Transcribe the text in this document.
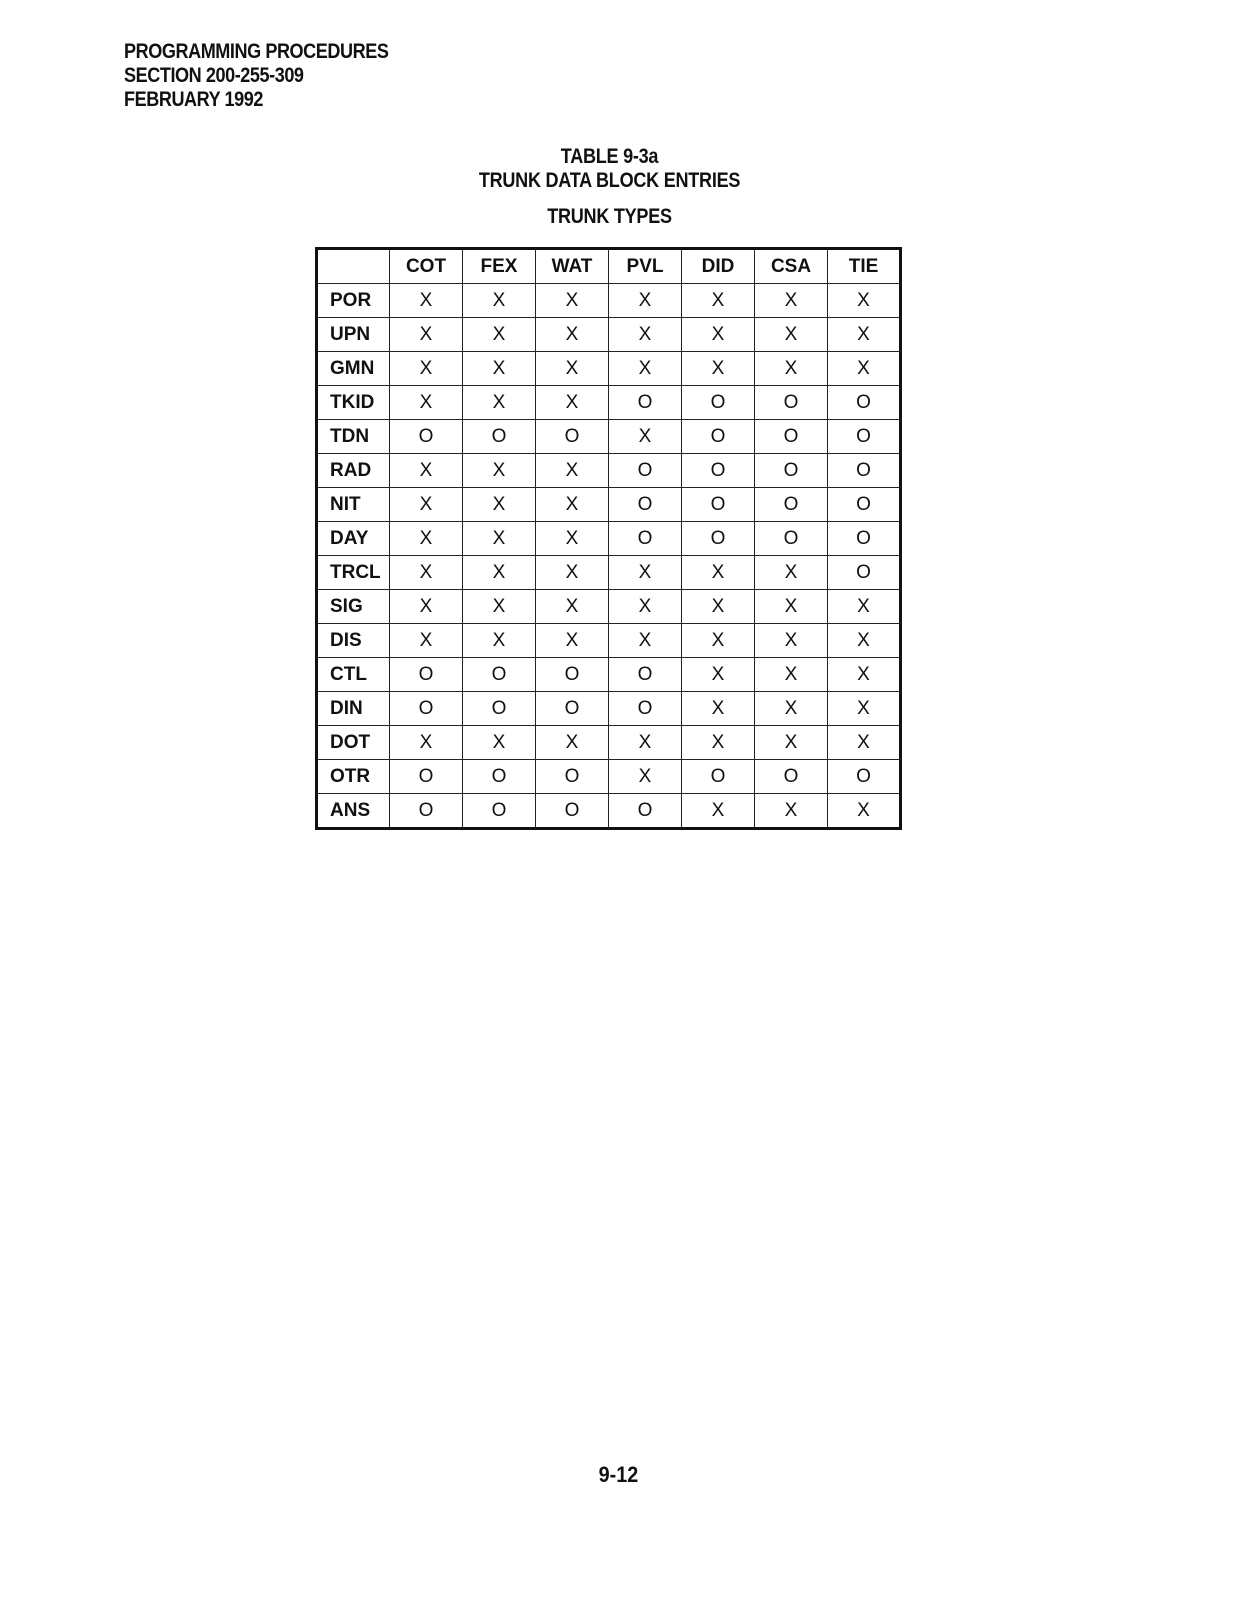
PROGRAMMING PROCEDURES
SECTION 200-255-309
FEBRUARY 1992
TABLE 9-3a
TRUNK DATA BLOCK ENTRIES
TRUNK TYPES
	COT	FEX	WAT	PVL	DID	CSA	TIE
POR	X	X	X	X	X	X	X
UPN	X	X	X	X	X	X	X
GMN	X	X	X	X	X	X	X
TKID	X	X	X	O	O	O	O
TDN	O	O	O	X	O	O	O
RAD	X	X	X	O	O	O	O
NIT	X	X	X	O	O	O	O
DAY	X	X	X	O	O	O	O
TRCL	X	X	X	X	X	X	O
SIG	X	X	X	X	X	X	X
DIS	X	X	X	X	X	X	X
CTL	O	O	O	O	X	X	X
DIN	O	O	O	O	X	X	X
DOT	X	X	X	X	X	X	X
OTR	O	O	O	X	O	O	O
ANS	O	O	O	O	X	X	X
9-12
